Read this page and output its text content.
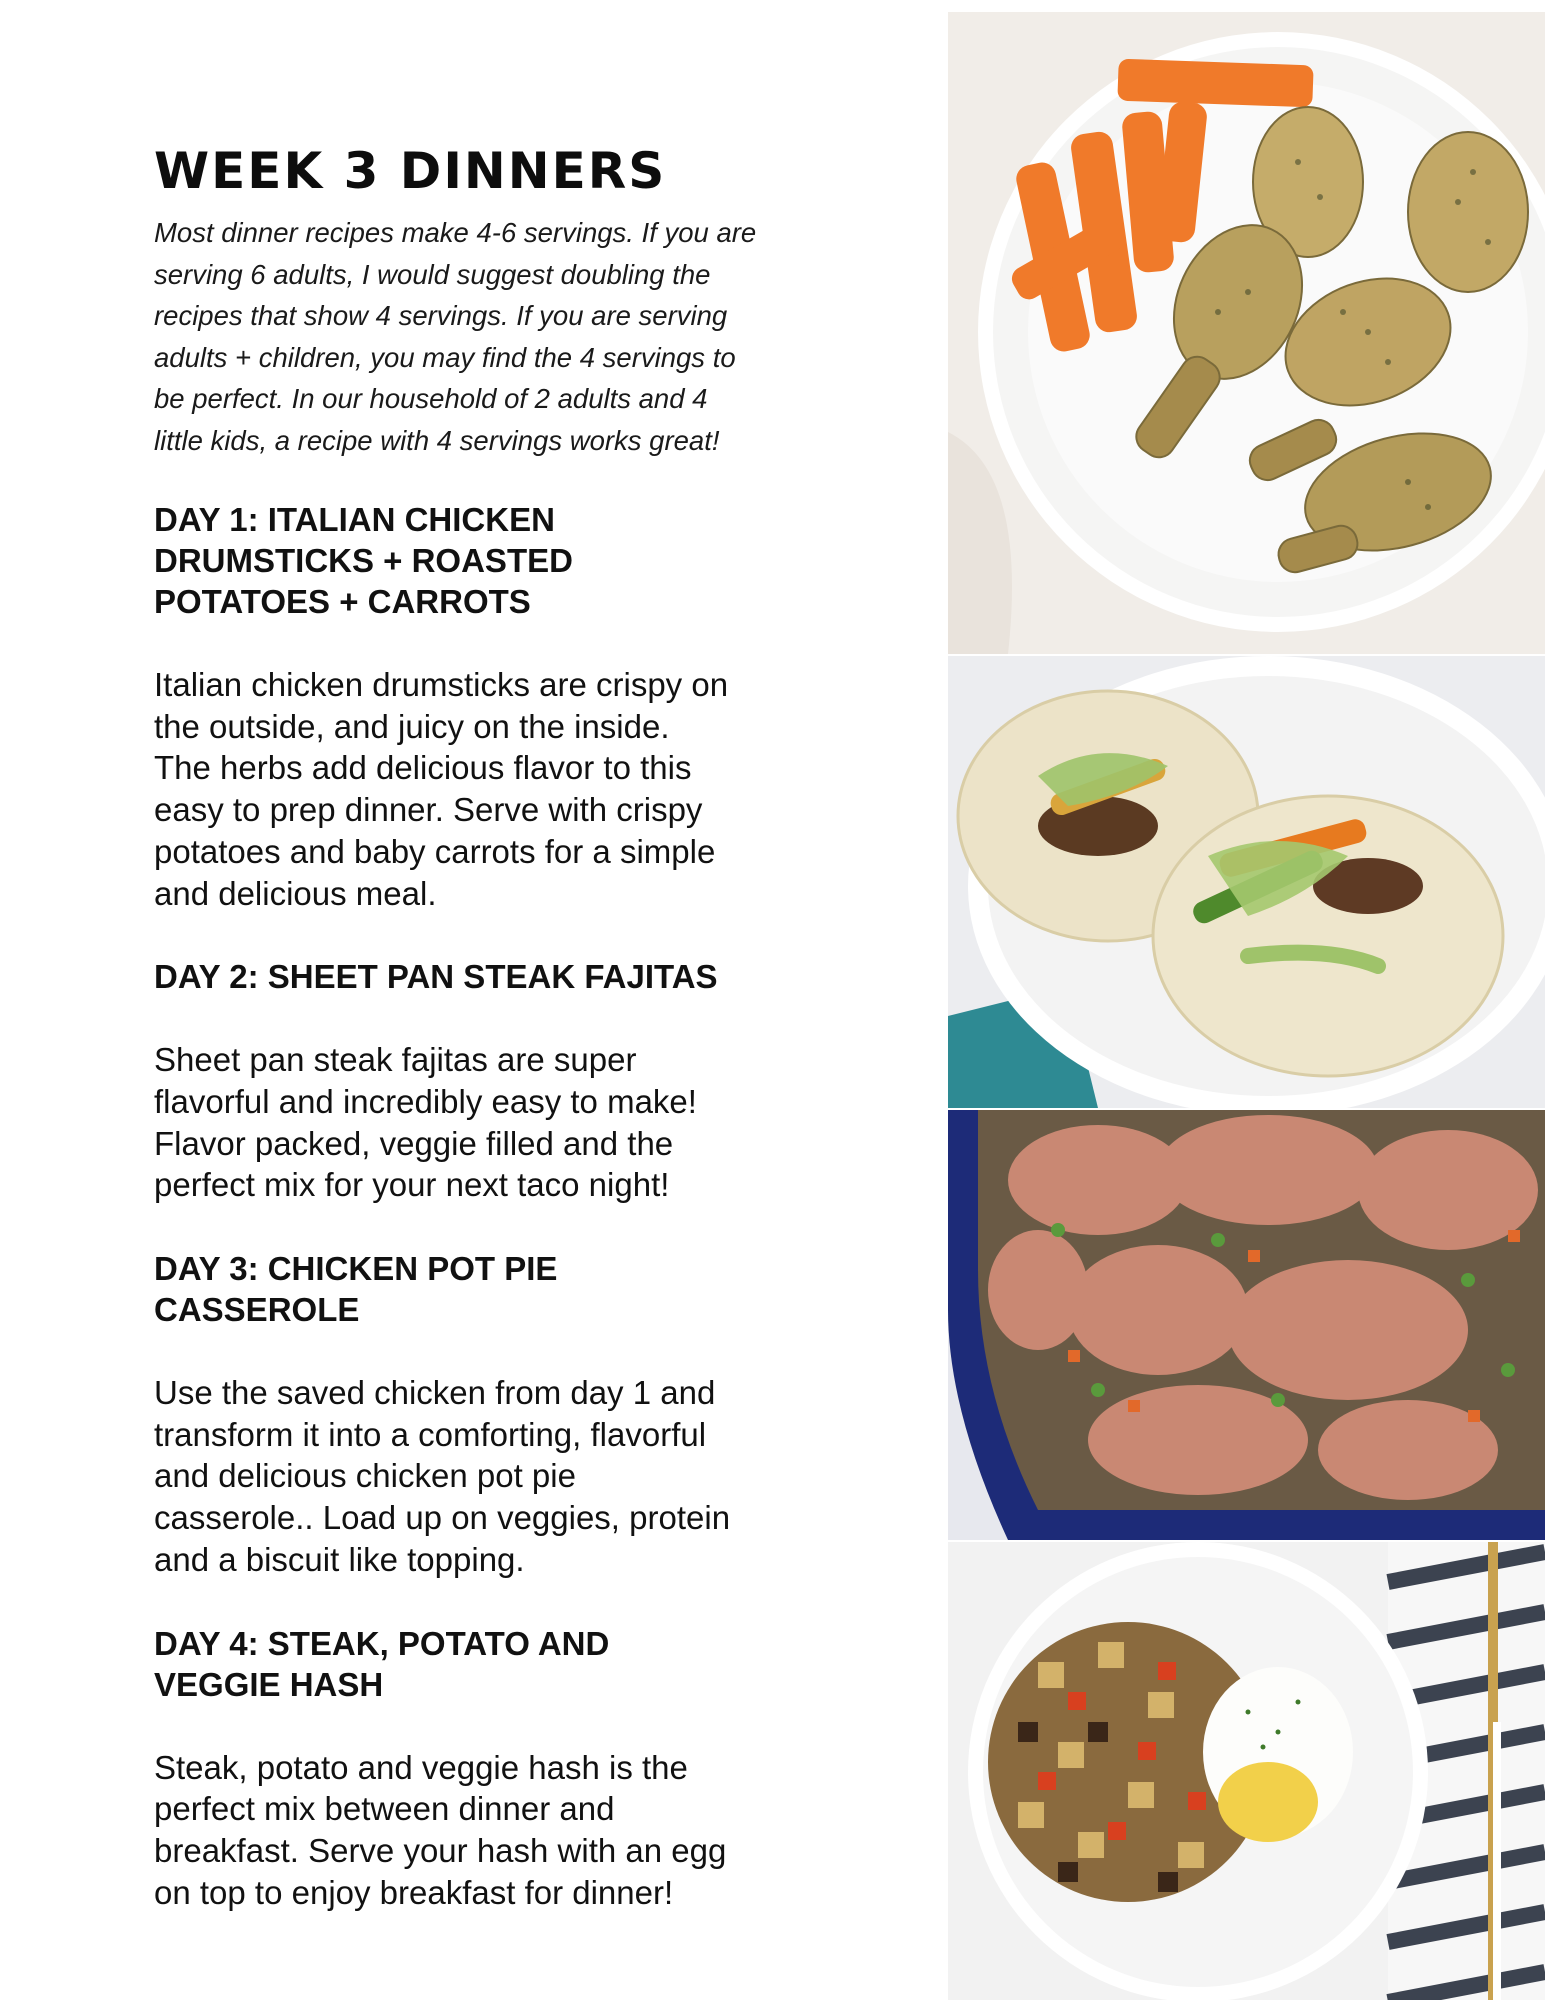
WEEK 3 DINNERS

Most dinner recipes make 4-6 servings. If you are
serving 6 adults, I would suggest doubling the
recipes that show 4 servings. If you are serving
adults + children, you may find the 4 servings to
be perfect. In our household of 2 adults and 4
little kids, a recipe with 4 servings works great!

DAY 1: ITALIAN CHICKEN
DRUMSTICKS + ROASTED
POTATOES + CARROTS

Italian chicken drumsticks are crispy on
the outside, and juicy on the inside.
The herbs add delicious flavor to this
easy to prep dinner. Serve with crispy
potatoes and baby carrots for a simple
and delicious meal.

DAY 2: SHEET PAN STEAK FAJITAS

Sheet pan steak fajitas are super
flavorful and incredibly easy to make!
Flavor packed, veggie filled and the
perfect mix for your next taco night!

DAY 3: CHICKEN POT PIE
CASSEROLE

Use the saved chicken from day 1 and
transform it into a comforting, flavorful
and delicious chicken pot pie
casserole.. Load up on veggies, protein
and a biscuit like topping.

DAY 4: STEAK, POTATO AND
VEGGIE HASH

Steak, potato and veggie hash is the
perfect mix between dinner and
breakfast. Serve your hash with an egg
on top to enjoy breakfast for dinner!
